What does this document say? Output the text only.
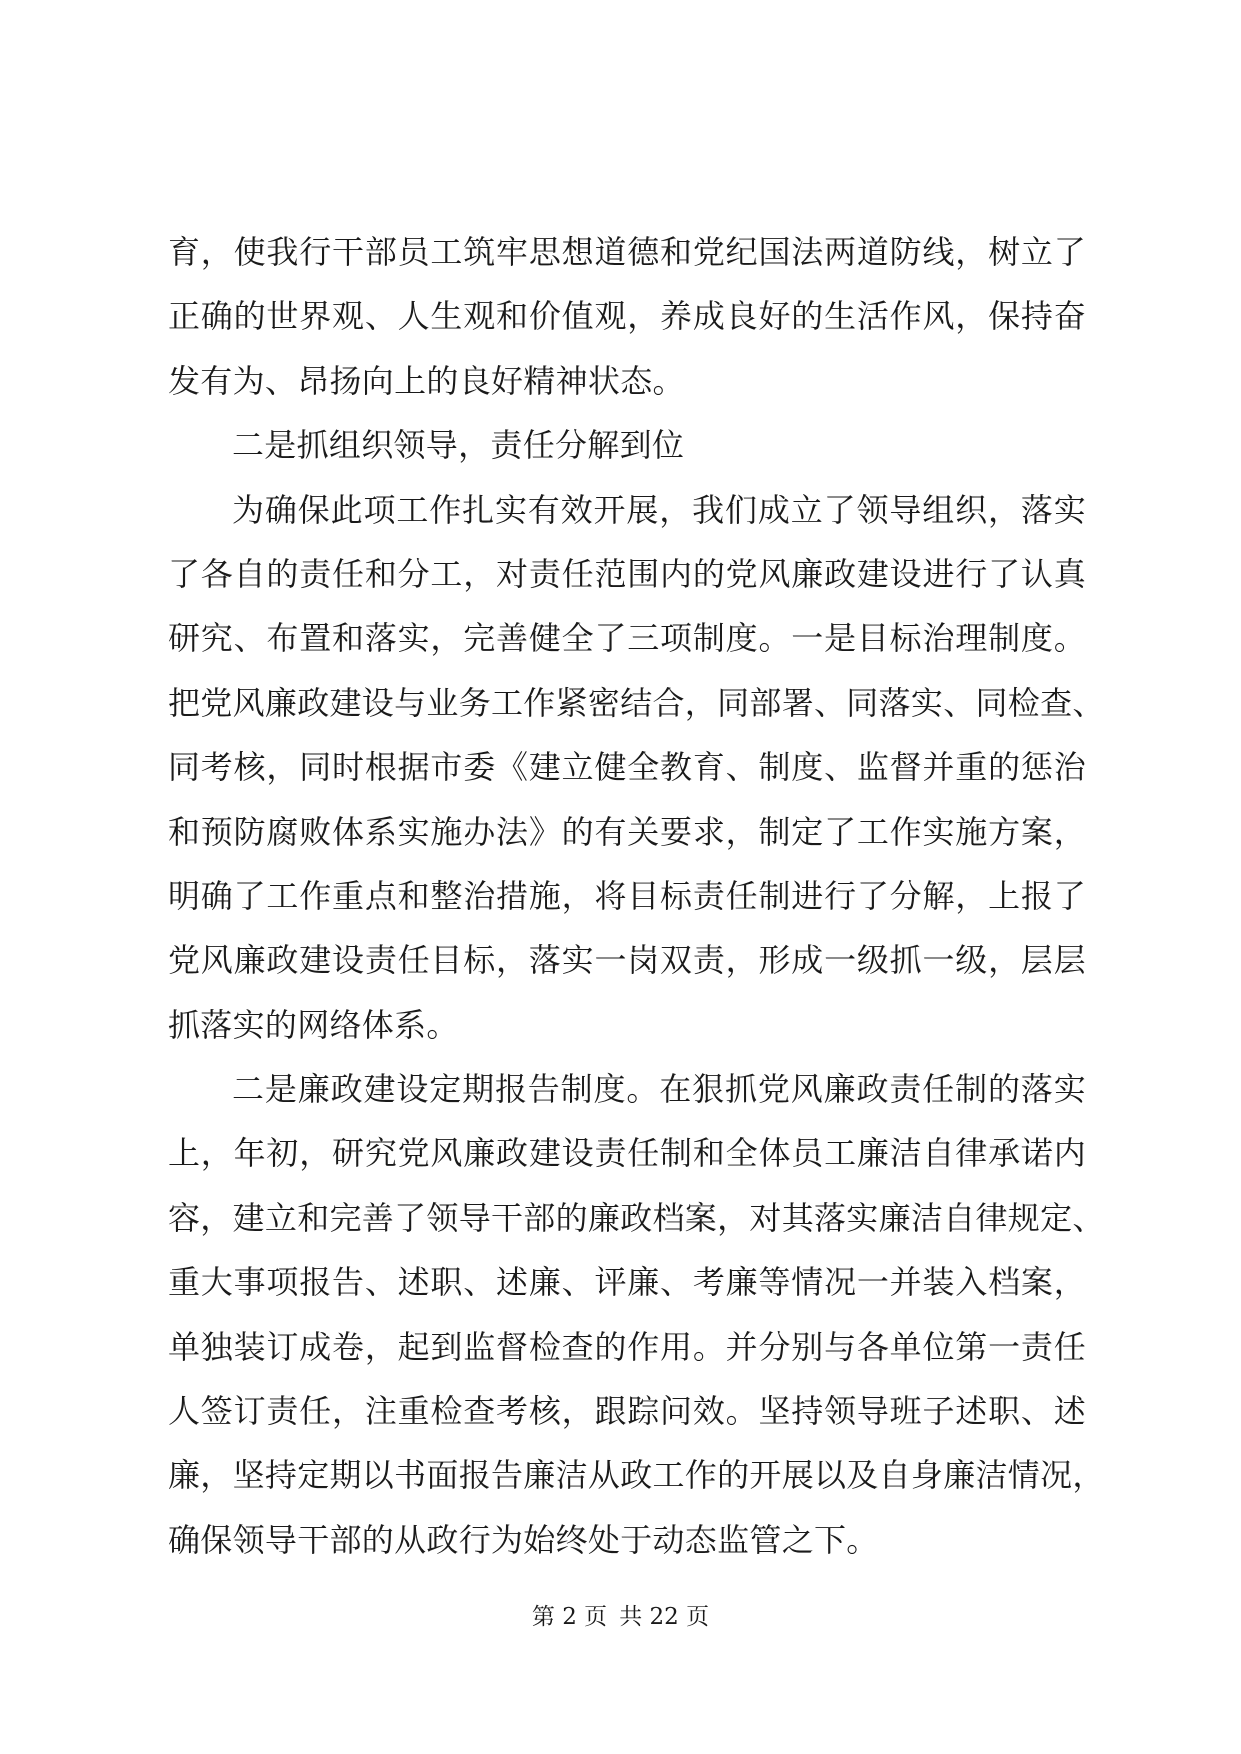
育，使我行干部员工筑牢思想道德和党纪国法两道防线，树立了
正确的世界观、人生观和价值观，养成良好的生活作风，保持奋
发有为、昂扬向上的良好精神状态。
二是抓组织领导，责任分解到位
为确保此项工作扎实有效开展，我们成立了领导组织，落实
了各自的责任和分工，对责任范围内的党风廉政建设进行了认真
研究、布置和落实，完善健全了三项制度。一是目标治理制度。
把党风廉政建设与业务工作紧密结合，同部署、同落实、同检查、
同考核，同时根据市委《建立健全教育、制度、监督并重的惩治
和预防腐败体系实施办法》的有关要求，制定了工作实施方案，
明确了工作重点和整治措施，将目标责任制进行了分解，上报了
党风廉政建设责任目标，落实一岗双责，形成一级抓一级，层层
抓落实的网络体系。
二是廉政建设定期报告制度。在狠抓党风廉政责任制的落实
上，年初，研究党风廉政建设责任制和全体员工廉洁自律承诺内
容，建立和完善了领导干部的廉政档案，对其落实廉洁自律规定、
重大事项报告、述职、述廉、评廉、考廉等情况一并装入档案，
单独装订成卷，起到监督检查的作用。并分别与各单位第一责任
人签订责任，注重检查考核，跟踪问效。坚持领导班子述职、述
廉，坚持定期以书面报告廉洁从政工作的开展以及自身廉洁情况，
确保领导干部的从政行为始终处于动态监管之下。
第 2 页 共 22 页
